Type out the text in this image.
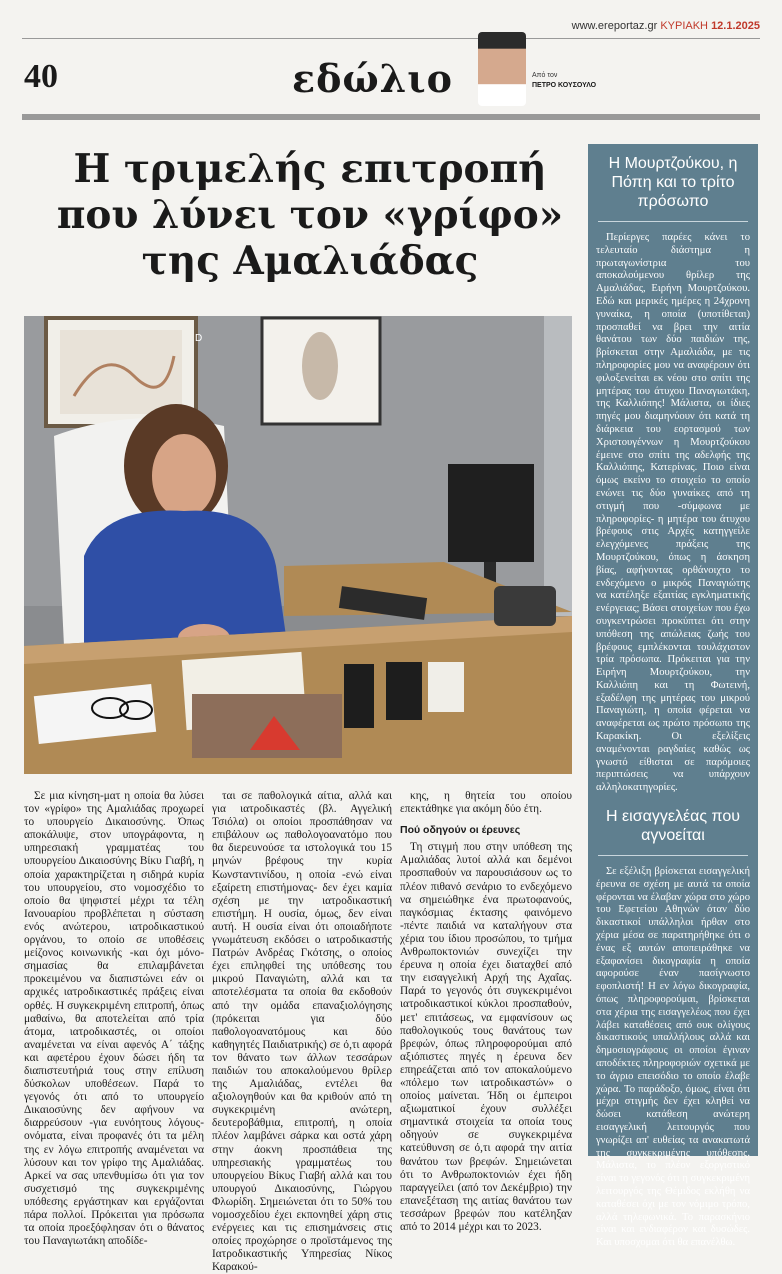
www.ereportaz.gr ΚΥΡΙΑΚΗ 12.1.2025
40	εδώλιο	Από τον
ΠΕΤΡΟ ΚΟΥΣΟΥΛΟ
Η τριμελής επιτροπή
που λύνει τον «γρίφο»
της Αμαλιάδας
D

Σε μια κίνηση-ματ η οποία θα λύσει τον «γρίφο» της Αμαλιάδας προχωρεί το υπουργείο Δικαιοσύνης. Όπως αποκάλυψε, στον υπογράφοντα, η υπηρεσιακή γραμματέας του υπουργείου Δικαιοσύνης Βίκυ Γιαβή, η οποία χαρακτηρίζεται η σιδηρά κυρία του υπουργείου, στο νομοσχέδιο το οποίο θα ψηφιστεί μέχρι τα τέλη Ιανουαρίου προβλέπεται η σύσταση ενός ανώτερου, ιατροδικαστικού οργάνου, το οποίο σε υποθέσεις μείζονος κοινωνικής -και όχι μόνο- σημασίας θα επιλαμβάνεται προκειμένου να διαπιστώνει εάν οι αρχικές ιατροδικαστικές πράξεις είναι ορθές. Η συγκεκριμένη επιτροπή, όπως μαθαίνω, θα αποτελείται από τρία άτομα, ιατροδικαστές, οι οποίοι αναμένεται να είναι αφενός Α΄ τάξης και αφετέρου έχουν δώσει ήδη τα διαπιστευτήριά τους στην επίλυση δύσκολων υποθέσεων. Παρά το γεγονός ότι από το υπουργείο Δικαιοσύνης δεν αφήνουν να διαρρεύσουν -για ευνόητους λόγους- ονόματα, είναι προφανές ότι τα μέλη της εν λόγω επιτροπής αναμένεται να λύσουν και τον γρίφο της Αμαλιάδας. Αρκεί να σας υπενθυμίσω ότι για τον συσχετισμό της συγκεκριμένης υπόθεσης εργάστηκαν και εργάζονται πάρα πολλοί. Πρόκειται για πρόσωπα τα οποία προεξόφλησαν ότι ο θάνατος του Παναγιωτάκη αποδίδε-

ται σε παθολογικά αίτια, αλλά και για ιατροδικαστές (βλ. Αγγελική Τσιόλα) οι οποίοι προσπάθησαν να επιβάλουν ως παθολογοανατόμο που θα διερευνούσε τα ιστολογικά του 15 μηνών βρέφους την κυρία Κωνσταντινίδου, η οποία -ενώ είναι εξαίρετη επιστήμονας- δεν έχει καμία σχέση με την ιατροδικαστική επιστήμη. Η ουσία, όμως, δεν είναι αυτή. Η ουσία είναι ότι οποιαδήποτε γνωμάτευση εκδόσει ο ιατροδικαστής Πατρών Ανδρέας Γκότσης, ο οποίος έχει επιληφθεί της υπόθεσης του μικρού Παναγιώτη, αλλά και τα αποτελέσματα τα οποία θα εκδοθούν από την ομάδα επαναξιολόγησης (πρόκειται για δύο παθολογοανατόμους και δύο καθηγητές Παιδιατρικής) σε ό,τι αφορά τον θάνατο των άλλων τεσσάρων παιδιών του αποκαλούμενου θρίλερ της Αμαλιάδας, εντέλει θα αξιολογηθούν και θα κριθούν από τη συγκεκριμένη ανώτερη, δευτεροβάθμια, επιτροπή, η οποία πλέον λαμβάνει σάρκα και οστά χάρη στην άοκνη προσπάθεια της υπηρεσιακής γραμματέως του υπουργείου Βίκυς Γιαβή αλλά και του υπουργού Δικαιοσύνης, Γιώργου Φλωρίδη. Σημειώνεται ότι το 50% του νομοσχεδίου έχει εκπονηθεί χάρη στις ενέργειες και τις επισημάνσεις στις οποίες προχώρησε ο προϊστάμενος της Ιατροδικαστικής Υπηρεσίας Νίκος Καρακού-

κης, η θητεία του οποίου επεκτάθηκε για ακόμη δύο έτη.

Πού οδηγούν οι έρευνες

Τη στιγμή που στην υπόθεση της Αμαλιάδας λυτοί αλλά και δεμένοι προσπαθούν να παρουσιάσουν ως το πλέον πιθανό σενάριο το ενδεχόμενο να σημειώθηκε ένα πρωτοφανούς, παγκόσμιας έκτασης φαινόμενο -πέντε παιδιά να καταλήγουν στα χέρια του ίδιου προσώπου, το τμήμα Ανθρωποκτονιών συνεχίζει την έρευνα η οποία έχει διαταχθεί από την εισαγγελική Αρχή της Αχαΐας. Παρά το γεγονός ότι συγκεκριμένοι ιατροδικαστικοί κύκλοι προσπαθούν, μετ' επιτάσεως, να εμφανίσουν ως παθολογικούς τους θανάτους των βρεφών, όπως πληροφορούμαι από αξιόπιστες πηγές η έρευνα δεν επηρεάζεται από τον αποκαλούμενο «πόλεμο των ιατροδικαστών» ο οποίος μαίνεται. Ήδη οι έμπειροι αξιωματικοί έχουν συλλέξει σημαντικά στοιχεία τα οποία τους οδηγούν σε συγκεκριμένα κατεύθυνση σε ό,τι αφορά την αιτία θανάτου των βρεφών. Σημειώνεται ότι το Ανθρωποκτονιών έχει ήδη παραγγείλει (από τον Δεκέμβριο) την επανεξέταση της αιτίας θανάτου των τεσσάρων βρεφών που κατέληξαν από το 2014 μέχρι και το 2023.

Η Μουρτζούκου, η Πόπη και το τρίτο πρόσωπο

Περίεργες παρέες κάνει το τελευταίο διάστημα η πρωταγωνίστρια του αποκαλούμενου θρίλερ της Αμαλιάδας, Ειρήνη Μουρτζούκου. Εδώ και μερικές ημέρες η 24χρονη γυναίκα, η οποία (υποτίθεται) προσπαθεί να βρει την αιτία θανάτου των δύο παιδιών της, βρίσκεται στην Αμαλιάδα, με τις πληροφορίες μου να αναφέρουν ότι φιλοξενείται εκ νέου στο σπίτι της μητέρας του άτυχου Παναγιωτάκη, της Καλλιόπης! Μάλιστα, οι ίδιες πηγές μου διαμηνύουν ότι κατά τη διάρκεια του εορτασμού των Χριστουγέννων η Μουρτζούκου έμεινε στο σπίτι της αδελφής της Καλλιόπης, Κατερίνας. Ποιο είναι όμως εκείνο το στοιχείο το οποίο ενώνει τις δύο γυναίκες από τη στιγμή που -σύμφωνα με πληροφορίες- η μητέρα του άτυχου βρέφους στις Αρχές κατηγγείλε ελεγχόμενες πράξεις της Μουρτζούκου, όπως η άσκηση βίας, αφήνοντας ορθάνοιχτο το ενδεχόμενο ο μικρός Παναγιώτης να κατέληξε εξαιτίας εγκληματικής ενέργειας; Βάσει στοιχείων που έχω συγκεντρώσει προκύπτει ότι στην υπόθεση της απώλειας ζωής του βρέφους εμπλέκονται τουλάχιστον τρία πρόσωπα. Πρόκειται για την Ειρήνη Μουρτζούκου, την Καλλιόπη και τη Φωτεινή, εξαδέλφη της μητέρας του μικρού Παναγιώτη, η οποία φέρεται να αναφέρεται ως πρώτο πρόσωπο της Καρακίκη. Οι εξελίξεις αναμένονται ραγδαίες καθώς ως γνωστό είθισται σε παρόμοιες περιπτώσεις να υπάρχουν αλληλοκατηγορίες.

Η εισαγγελέας που αγνοείται

Σε εξέλιξη βρίσκεται εισαγγελική έρευνα σε σχέση με αυτά τα οποία φέρονται να έλαβαν χώρα στο χώρο του Εφετείου Αθηνών όταν δύο δικαστικοί υπάλληλοι ήρθαν στο χέρια μέσα σε παρατηρήθηκε ότι ο ένας εξ αυτών αποπειράθηκε να εξαφανίσει δικογραφία η οποία αφορούσε έναν πασίγνωστο εφοπλιστή! Η εν λόγω δικογραφία, όπως πληροφορούμαι, βρίσκεται στα χέρια της εισαγγελέως που έχει λάβει καταθέσεις από ουκ ολίγους δικαστικούς υπαλλήλους αλλά και δημοσιογράφους οι οποίοι έγιναν αποδέκτες πληροφοριών σχετικά με το άγριο επεισόδιο το οποίο έλαβε χώρα. Το παράδοξο, όμως, είναι ότι μέχρι στιγμής δεν έχει κληθεί να δώσει κατάθεση ανώτερη εισαγγελική λειτουργός που γνωρίζει απ' ευθείας τα ανακατωτά της συγκεκριμένης υπόθεσης. Μάλιστα, το πλέον εξοργιστικό είναι το γεγονός ότι η συγκεκριμένη λειτουργός της Θέμιδος εκλήθη να καταθέσει όχι με τον νόμιμο τρόπο, αλλά τηλεφωνικά. Το παρασκήνιο είναι και ενδιαφέρον και δυσώδες. Και υποσχομαι ότι θα επανέλθω.
